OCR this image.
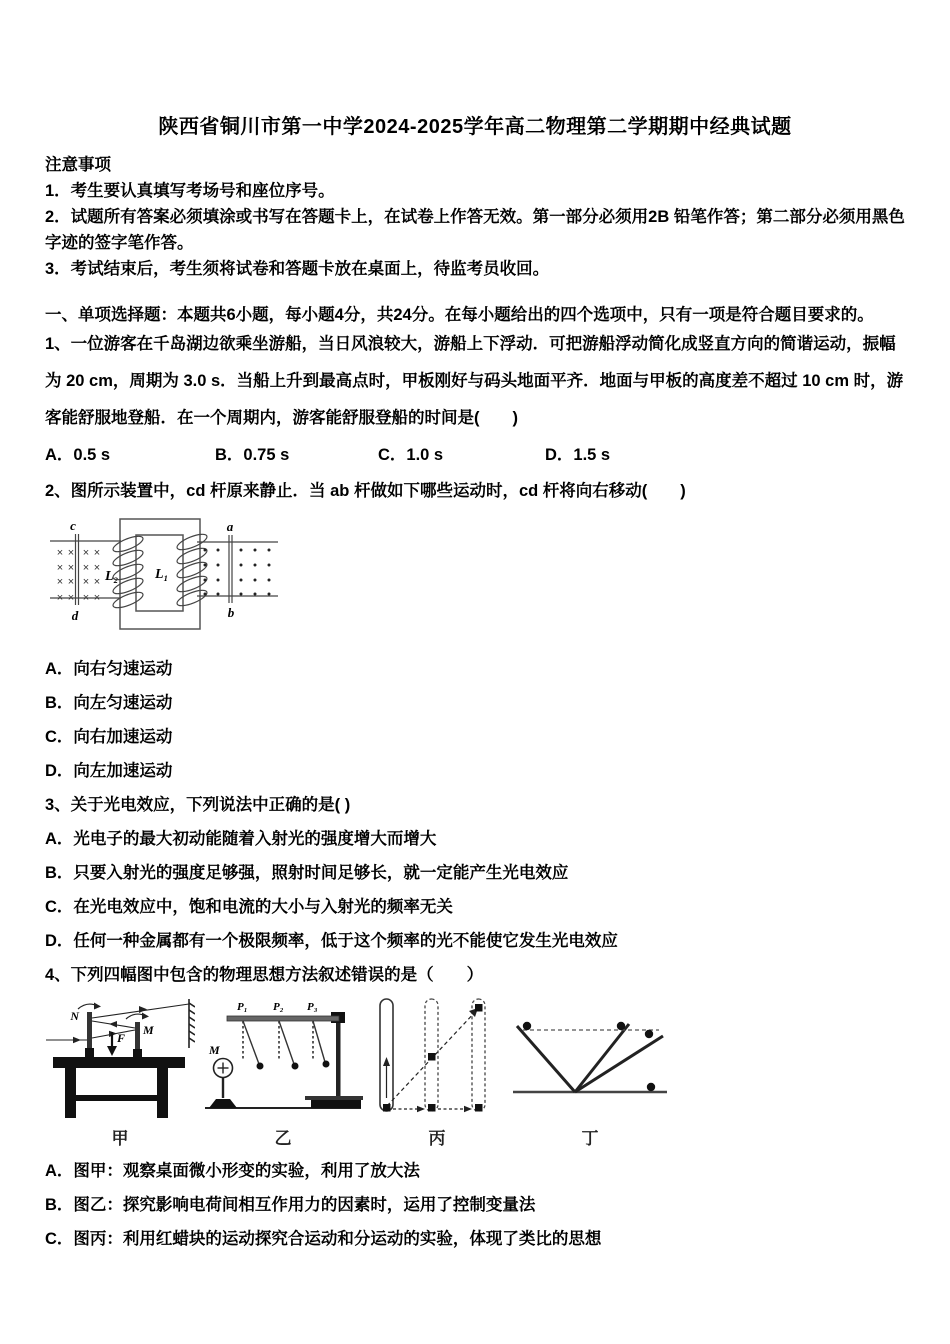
陕西省铜川市第一中学2024-2025学年高二物理第二学期期中经典试题
注意事项
1．考生要认真填写考场号和座位序号。
2．试题所有答案必须填涂或书写在答题卡上，在试卷上作答无效。第一部分必须用2B 铅笔作答；第二部分必须用黑色字迹的签字笔作答。
3．考试结束后，考生须将试卷和答题卡放在桌面上，待监考员收回。
一、单项选择题：本题共6小题，每小题4分，共24分。在每小题给出的四个选项中，只有一项是符合题目要求的。
1、一位游客在千岛湖边欲乘坐游船，当日风浪较大，游船上下浮动．可把游船浮动简化成竖直方向的简谐运动，振幅
为 20 cm，周期为 3.0 s．当船上升到最高点时，甲板刚好与码头地面平齐．地面与甲板的高度差不超过 10 cm 时，游
客能舒服地登船．在一个周期内，游客能舒服登船的时间是(　　)
A．0.5 s	B．0.75 s	C．1.0 s	D．1.5 s
2、图所示装置中，cd 杆原来静止．当 ab 杆做如下哪些运动时，cd 杆将向右移动(　　)
c
d
× × × ×
× × × ×
× × × ×
× × × ×
L₂	L₁
a
b
A．向右匀速运动
B．向左匀速运动
C．向右加速运动
D．向左加速运动
3、关于光电效应，下列说法中正确的是( )
A．光电子的最大初动能随着入射光的强度增大而增大
B．只要入射光的强度足够强，照射时间足够长，就一定能产生光电效应
C．在光电效应中，饱和电流的大小与入射光的频率无关
D．任何一种金属都有一个极限频率，低于这个频率的光不能使它发生光电效应
4、下列四幅图中包含的物理思想方法叙述错误的是（　　）
N
M
F
甲
P₁ P₂ P₃
M
乙	丙	丁
A．图甲：观察桌面微小形变的实验，利用了放大法
B．图乙：探究影响电荷间相互作用力的因素时，运用了控制变量法
C．图丙：利用红蜡块的运动探究合运动和分运动的实验，体现了类比的思想
